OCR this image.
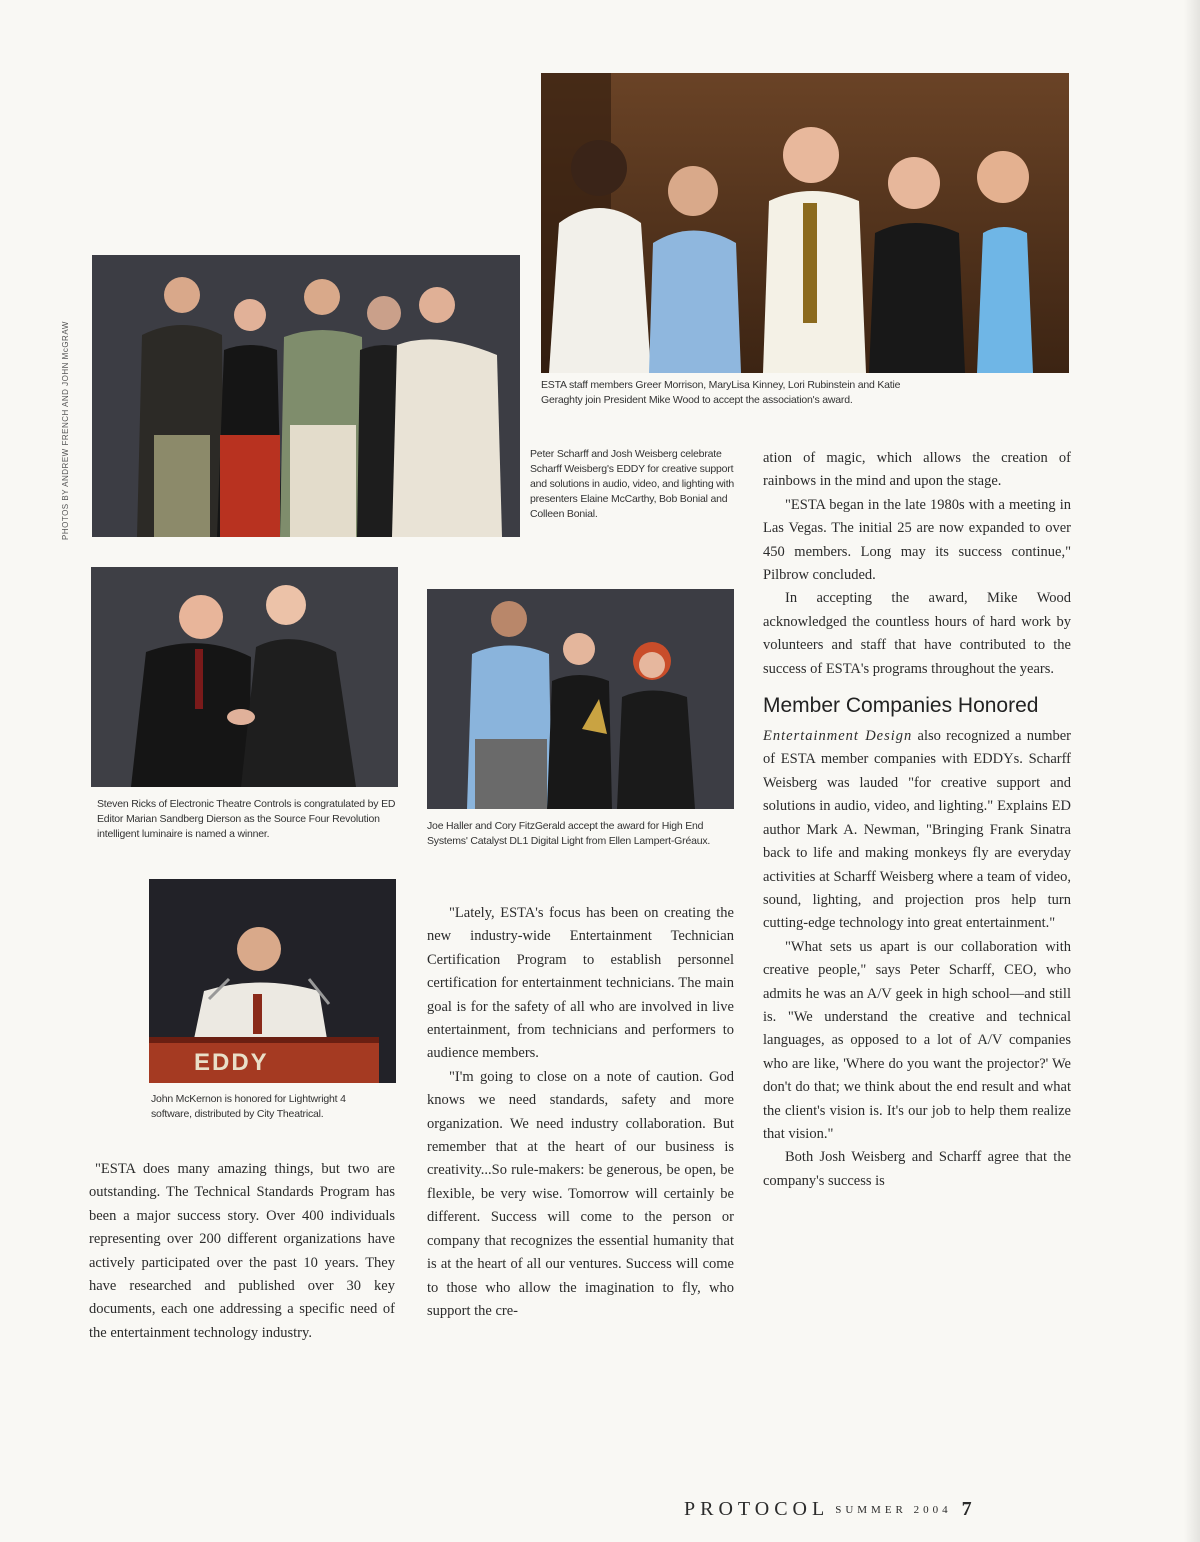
PHOTOS BY ANDREW FRENCH AND JOHN McGRAW	ESTA staff members Greer Morrison, MaryLisa Kinney, Lori Rubinstein and Katie Geraghty join President Mike Wood to accept the association's award.
Peter Scharff and Josh Weisberg celebrate Scharff Weisberg's EDDY for creative support and solutions in audio, video, and lighting with presenters Elaine McCarthy, Bob Bonial and Colleen Bonial.
Steven Ricks of Electronic Theatre Controls is congratulated by ED Editor Marian Sandberg Dierson as the Source Four Revolution intelligent luminaire is named a winner.
Joe Haller and Cory FitzGerald accept the award for High End Systems' Catalyst DL1 Digital Light from Ellen Lampert-Gréaux.
EDDY
John McKernon is honored for Lightwright 4 software, distributed by City Theatrical.

"ESTA does many amazing things, but two are outstanding. The Technical Standards Program has been a major success story. Over 400 individuals representing over 200 different organizations have actively participated over the past 10 years. They have researched and published over 30 key documents, each one addressing a specific need of the entertainment technology industry.

"Lately, ESTA's focus has been on creating the new industry-wide Entertainment Technician Certification Program to establish personnel certification for entertainment technicians. The main goal is for the safety of all who are involved in live entertainment, from technicians and performers to audience members.

"I'm going to close on a note of caution. God knows we need standards, safety and more organization. We need industry collaboration. But remember that at the heart of our business is creativity...So rule-makers: be generous, be open, be flexible, be very wise. Tomorrow will certainly be different. Success will come to the person or company that recognizes the essential humanity that is at the heart of all our ventures. Success will come to those who allow the imagination to fly, who support the cre-

ation of magic, which allows the creation of rainbows in the mind and upon the stage.

"ESTA began in the late 1980s with a meeting in Las Vegas. The initial 25 are now expanded to over 450 members. Long may its success continue," Pilbrow concluded.

In accepting the award, Mike Wood acknowledged the countless hours of hard work by volunteers and staff that have contributed to the success of ESTA's programs throughout the years.

Member Companies Honored

Entertainment Design also recognized a number of ESTA member companies with EDDYs. Scharff Weisberg was lauded "for creative support and solutions in audio, video, and lighting." Explains ED author Mark A. Newman, "Bringing Frank Sinatra back to life and making monkeys fly are everyday activities at Scharff Weisberg where a team of video, sound, lighting, and projection pros help turn cutting-edge technology into great entertainment."

"What sets us apart is our collaboration with creative people," says Peter Scharff, CEO, who admits he was an A/V geek in high school—and still is. "We understand the creative and technical languages, as opposed to a lot of A/V companies who are like, 'Where do you want the projector?' We don't do that; we think about the end result and what the client's vision is. It's our job to help them realize that vision."

Both Josh Weisberg and Scharff agree that the company's success is

PROTOCOL SUMMER 2004 7
